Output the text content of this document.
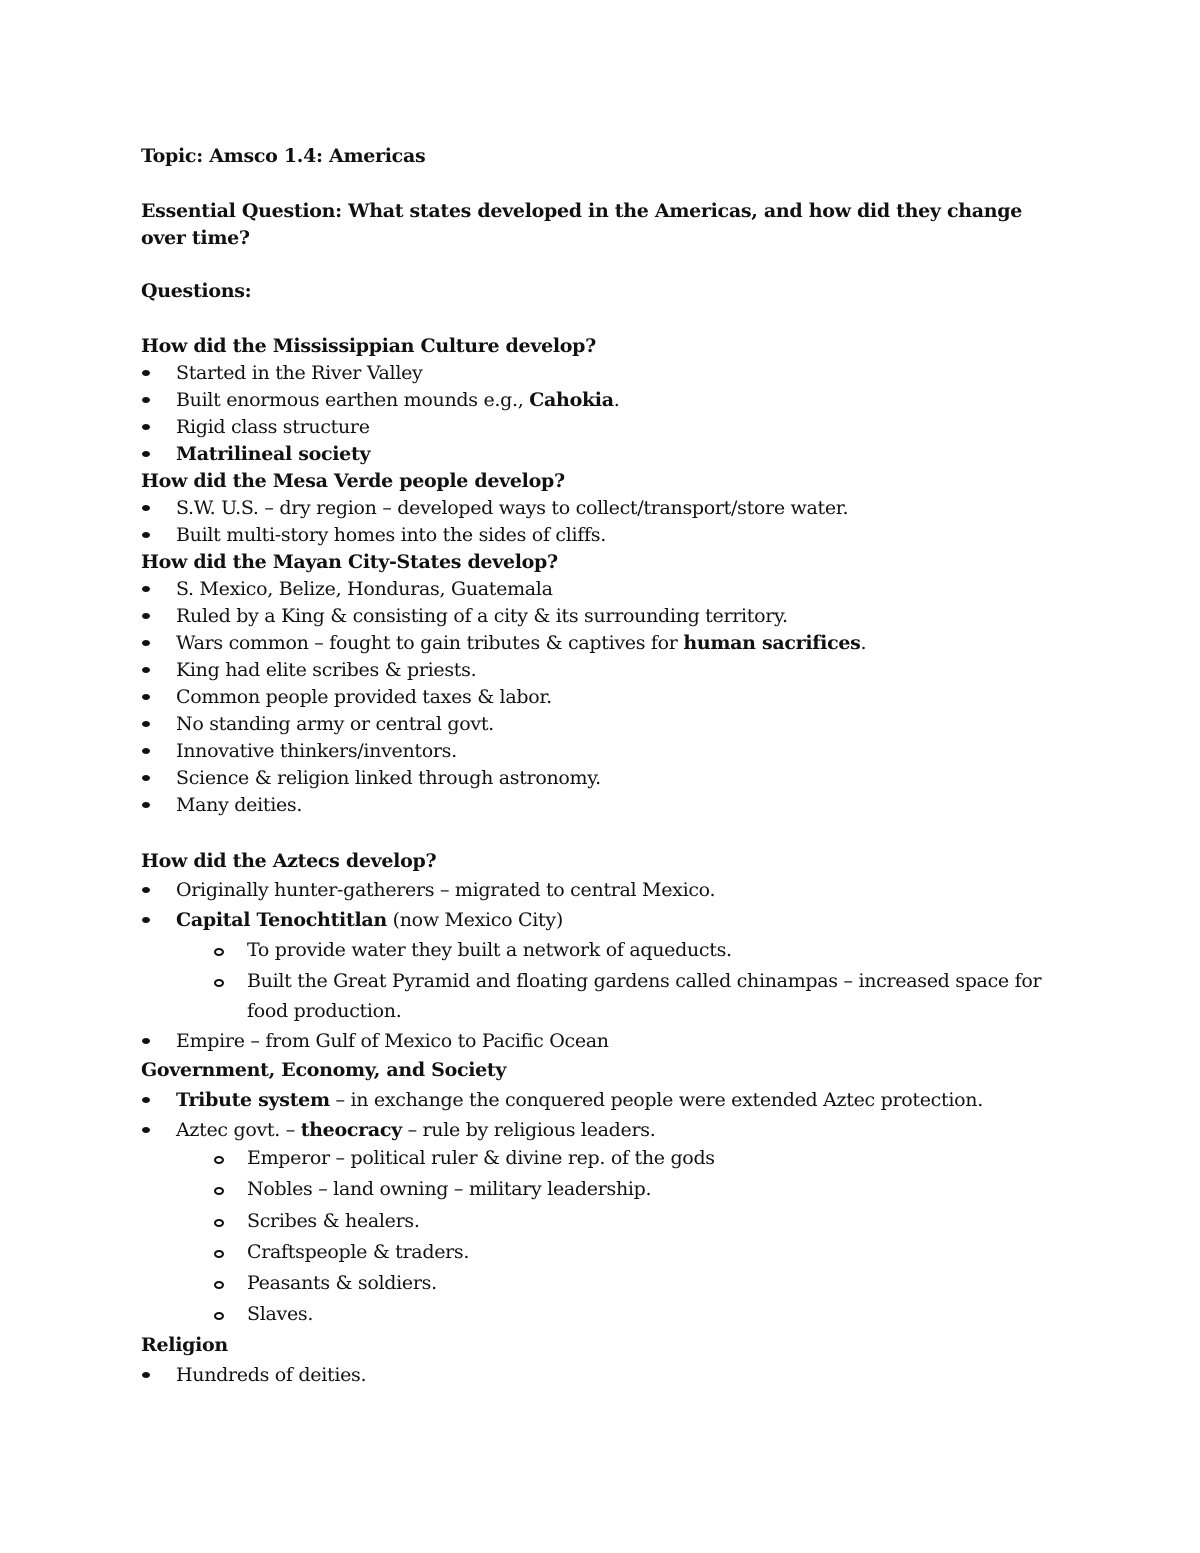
Topic: Amsco 1.4: Americas
Essential Question: What states developed in the Americas, and how did they change over time?
Questions:
How did the Mississippian Culture develop?
Started in the River Valley
Built enormous earthen mounds e.g., Cahokia.
Rigid class structure
Matrilineal society
How did the Mesa Verde people develop?
S.W. U.S. – dry region – developed ways to collect/transport/store water.
Built multi-story homes into the sides of cliffs.
How did the Mayan City-States develop?
S. Mexico, Belize, Honduras, Guatemala
Ruled by a King & consisting of a city & its surrounding territory.
Wars common – fought to gain tributes & captives for human sacrifices.
King had elite scribes & priests.
Common people provided taxes & labor.
No standing army or central govt.
Innovative thinkers/inventors.
Science & religion linked through astronomy.
Many deities.
How did the Aztecs develop?
Originally hunter-gatherers – migrated to central Mexico.
Capital Tenochtitlan (now Mexico City)
To provide water they built a network of aqueducts.
Built the Great Pyramid and floating gardens called chinampas – increased space for
food production.
Empire – from Gulf of Mexico to Pacific Ocean
Government, Economy, and Society
Tribute system – in exchange the conquered people were extended Aztec protection.
Aztec govt. – theocracy – rule by religious leaders.
Emperor – political ruler & divine rep. of the gods
Nobles – land owning – military leadership.
Scribes & healers.
Craftspeople & traders.
Peasants & soldiers.
Slaves.
Religion
Hundreds of deities.
